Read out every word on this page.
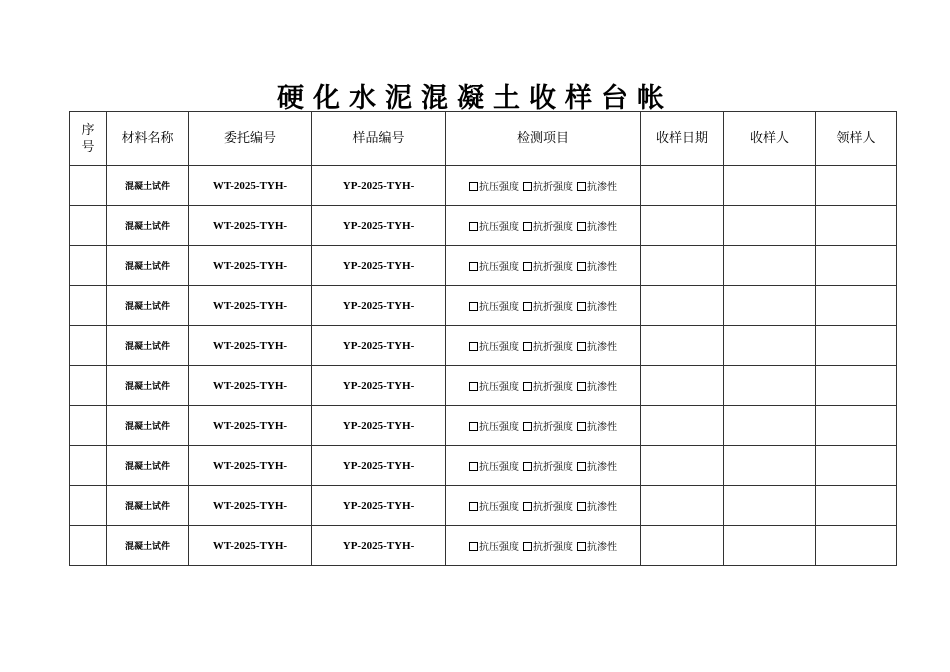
硬化水泥混凝土收样台帐
序号	材料名称	委托编号	样品编号	检测项目	收样日期	收样人	领样人
	混凝土试件	WT-2025-TYH-	YP-2025-TYH-	抗压强度 抗折强度 抗渗性			
	混凝土试件	WT-2025-TYH-	YP-2025-TYH-	抗压强度 抗折强度 抗渗性			
	混凝土试件	WT-2025-TYH-	YP-2025-TYH-	抗压强度 抗折强度 抗渗性			
	混凝土试件	WT-2025-TYH-	YP-2025-TYH-	抗压强度 抗折强度 抗渗性			
	混凝土试件	WT-2025-TYH-	YP-2025-TYH-	抗压强度 抗折强度 抗渗性			
	混凝土试件	WT-2025-TYH-	YP-2025-TYH-	抗压强度 抗折强度 抗渗性			
	混凝土试件	WT-2025-TYH-	YP-2025-TYH-	抗压强度 抗折强度 抗渗性			
	混凝土试件	WT-2025-TYH-	YP-2025-TYH-	抗压强度 抗折强度 抗渗性			
	混凝土试件	WT-2025-TYH-	YP-2025-TYH-	抗压强度 抗折强度 抗渗性			
	混凝土试件	WT-2025-TYH-	YP-2025-TYH-	抗压强度 抗折强度 抗渗性			
